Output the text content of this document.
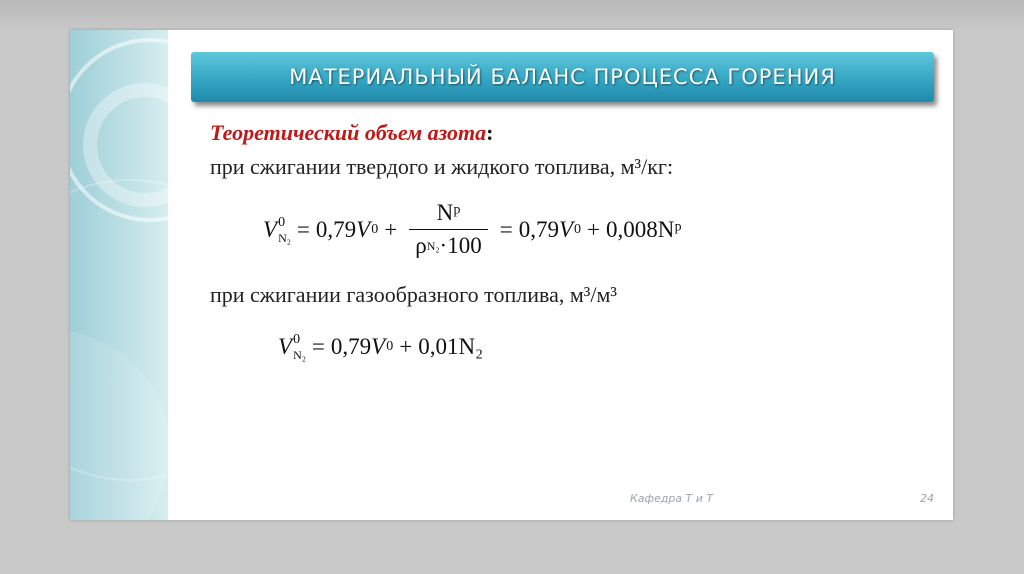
МАТЕРИАЛЬНЫЙ БАЛАНС ПРОЦЕССА ГОРЕНИЯ
Теоретический объем азота:
при сжигании твердого и жидкого топлива, м³/кг:
V 0
N₂ = 0,79 V $0 + \frac{\text{Nᵖ}}{\text{ρ N₂ ·100}} = 0,79$ V 0 + 0,008Nᵖ
при сжигании газообразного топлива, м³/м³
V 0
N₂ = 0,79 V 0 + 0,01N₂
Кафедра Т и Т	24
